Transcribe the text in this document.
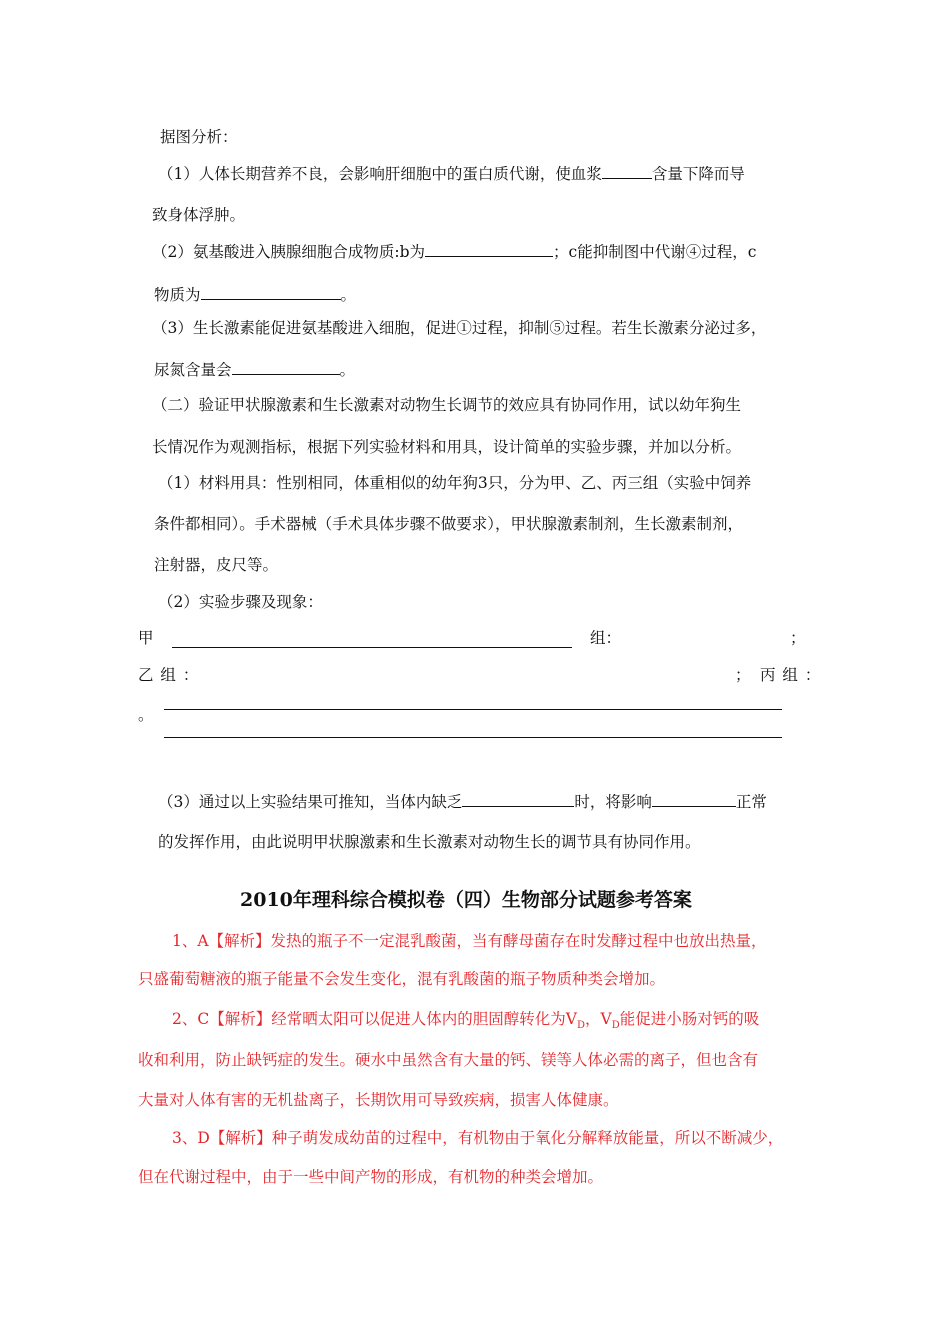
据图分析：
（1）人体长期营养不良，会影响肝细胞中的蛋白质代谢，使血浆	含量下降而导
致身体浮肿。
（2）氨基酸进入胰腺细胞合成物质:b为	；c能抑制图中代谢④过程，c
物质为	。
（3）生长激素能促进氨基酸进入细胞，促进①过程，抑制⑤过程。若生长激素分泌过多，
尿氮含量会	。
（二）验证甲状腺激素和生长激素对动物生长调节的效应具有协同作用，试以幼年狗生
长情况作为观测指标，根据下列实验材料和用具，设计简单的实验步骤，并加以分析。
（1）材料用具：性别相同，体重相似的幼年狗3只，分为甲、乙、丙三组（实验中饲养
条件都相同）。手术器械（手术具体步骤不做要求），甲状腺激素制剂，生长激素制剂，
注射器，皮尺等。
（2）实验步骤及现象：
甲	组：	；
乙 组 ：	； 丙 组 ：
。
（3）通过以上实验结果可推知，当体内缺乏	时，将影响	正常
的发挥作用，由此说明甲状腺激素和生长激素对动物生长的调节具有协同作用。
2010年理科综合模拟卷（四）生物部分试题参考答案
1、A【解析】发热的瓶子不一定混乳酸菌，当有酵母菌存在时发酵过程中也放出热量，
只盛葡萄糖液的瓶子能量不会发生变化，混有乳酸菌的瓶子物质种类会增加。
2、C【解析】经常晒太阳可以促进人体内的胆固醇转化为$V_D$，$V_D$能促进小肠对钙的吸
收和利用，防止缺钙症的发生。硬水中虽然含有大量的钙、镁等人体必需的离子，但也含有
大量对人体有害的无机盐离子，长期饮用可导致疾病，损害人体健康。
3、D【解析】种子萌发成幼苗的过程中，有机物由于氧化分解释放能量，所以不断减少，
但在代谢过程中，由于一些中间产物的形成，有机物的种类会增加。
